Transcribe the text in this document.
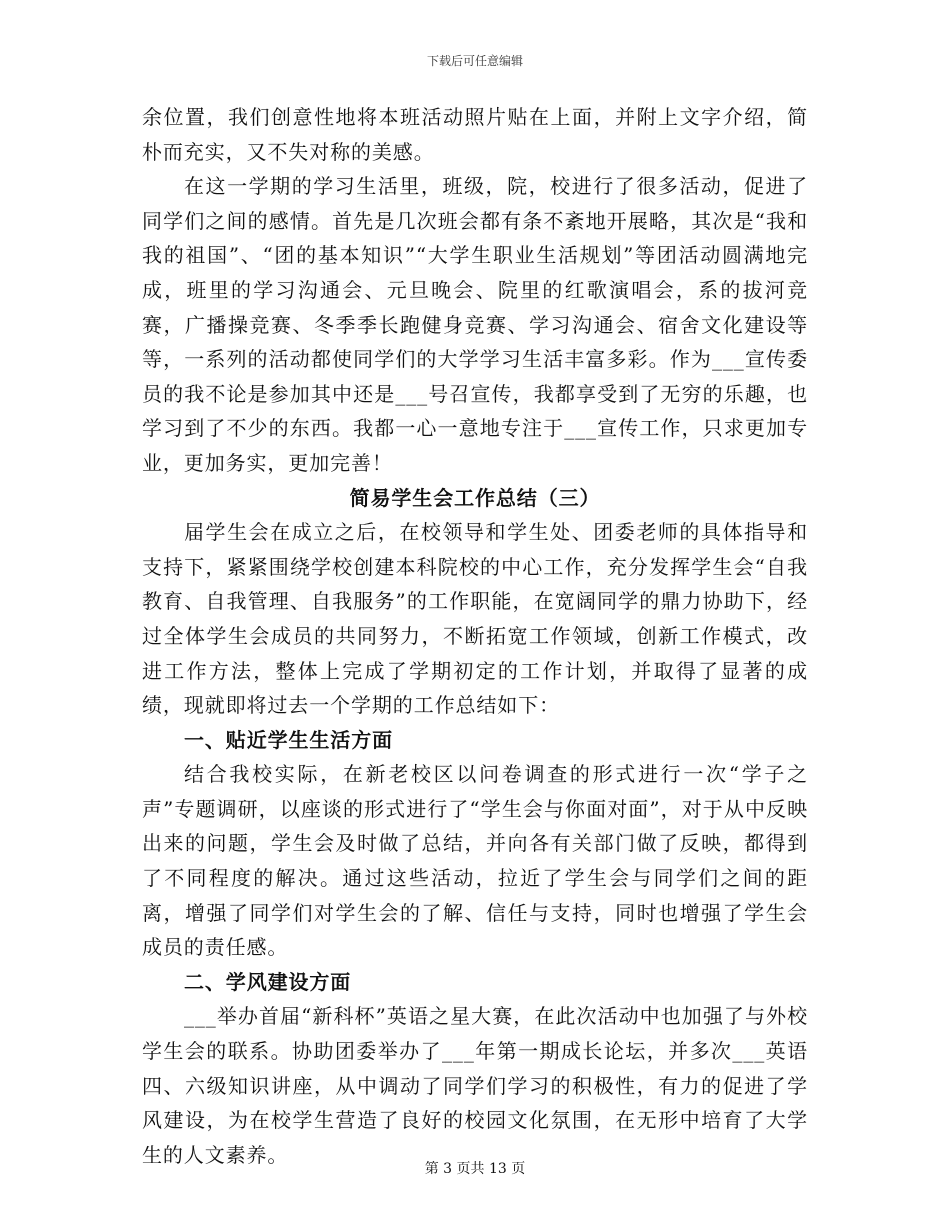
下载后可任意编辑

余位置，我们创意性地将本班活动照片贴在上面，并附上文字介绍，简朴而充实，又不失对称的美感。

在这一学期的学习生活里，班级，院，校进行了很多活动，促进了同学们之间的感情。首先是几次班会都有条不紊地开展略，其次是“我和我的祖国”、“团的基本知识”“大学生职业生活规划”等团活动圆满地完成，班里的学习沟通会、元旦晚会、院里的红歌演唱会，系的拔河竞赛，广播操竞赛、冬季季长跑健身竞赛、学习沟通会、宿舍文化建设等等，一系列的活动都使同学们的大学学习生活丰富多彩。作为___宣传委员的我不论是参加其中还是___号召宣传，我都享受到了无穷的乐趣，也学习到了不少的东西。我都一心一意地专注于___宣传工作，只求更加专业，更加务实，更加完善！

简易学生会工作总结（三）

届学生会在成立之后，在校领导和学生处、团委老师的具体指导和支持下，紧紧围绕学校创建本科院校的中心工作，充分发挥学生会“自我教育、自我管理、自我服务”的工作职能，在宽阔同学的鼎力协助下，经过全体学生会成员的共同努力，不断拓宽工作领域，创新工作模式，改进工作方法，整体上完成了学期初定的工作计划，并取得了显著的成绩，现就即将过去一个学期的工作总结如下：

一、贴近学生生活方面

结合我校实际，在新老校区以问卷调查的形式进行一次“学子之声”专题调研，以座谈的形式进行了“学生会与你面对面”，对于从中反映出来的问题，学生会及时做了总结，并向各有关部门做了反映，都得到了不同程度的解决。通过这些活动，拉近了学生会与同学们之间的距离，增强了同学们对学生会的了解、信任与支持，同时也增强了学生会成员的责任感。

二、学风建设方面

___举办首届“新科杯”英语之星大赛，在此次活动中也加强了与外校学生会的联系。协助团委举办了___年第一期成长论坛，并多次___英语四、六级知识讲座，从中调动了同学们学习的积极性，有力的促进了学风建设，为在校学生营造了良好的校园文化氛围，在无形中培育了大学生的人文素养。

第 3 页共 13 页
